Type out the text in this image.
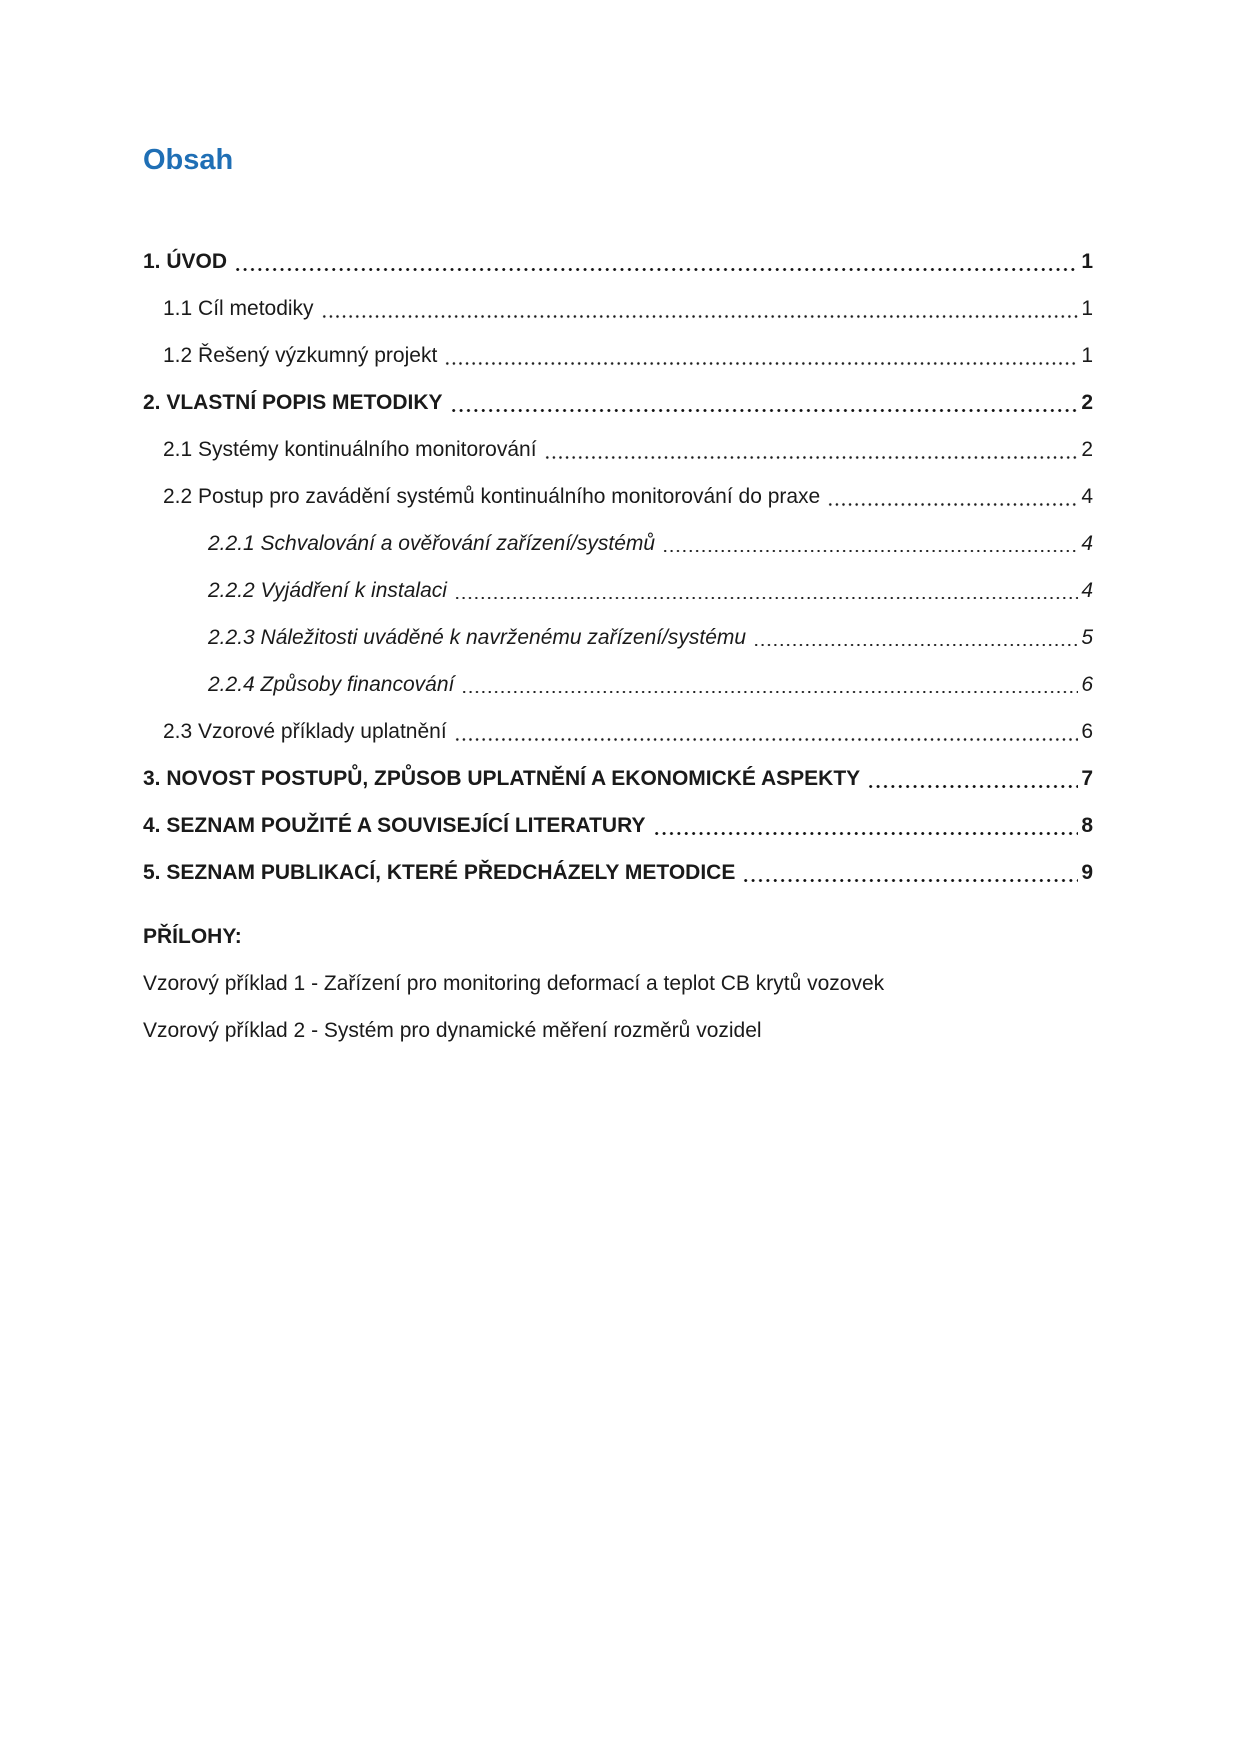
Obsah
1. ÚVOD	1
1.1 Cíl metodiky	1
1.2 Řešený výzkumný projekt	1
2. VLASTNÍ POPIS METODIKY	2
2.1 Systémy kontinuálního monitorování	2
2.2 Postup pro zavádění systémů kontinuálního monitorování do praxe	4
2.2.1 Schvalování a ověřování zařízení/systémů	4
2.2.2 Vyjádření k instalaci	4
2.2.3 Náležitosti uváděné k navrženému zařízení/systému	5
2.2.4 Způsoby financování	6
2.3 Vzorové příklady uplatnění	6
3. NOVOST POSTUPŮ, ZPŮSOB UPLATNĚNÍ A EKONOMICKÉ ASPEKTY	7
4. SEZNAM POUŽITÉ A SOUVISEJÍCÍ LITERATURY	8
5. SEZNAM PUBLIKACÍ, KTERÉ PŘEDCHÁZELY METODICE	9
PŘÍLOHY:
Vzorový příklad 1 - Zařízení pro monitoring deformací a teplot CB krytů vozovek
Vzorový příklad 2 - Systém pro dynamické měření rozměrů vozidel
